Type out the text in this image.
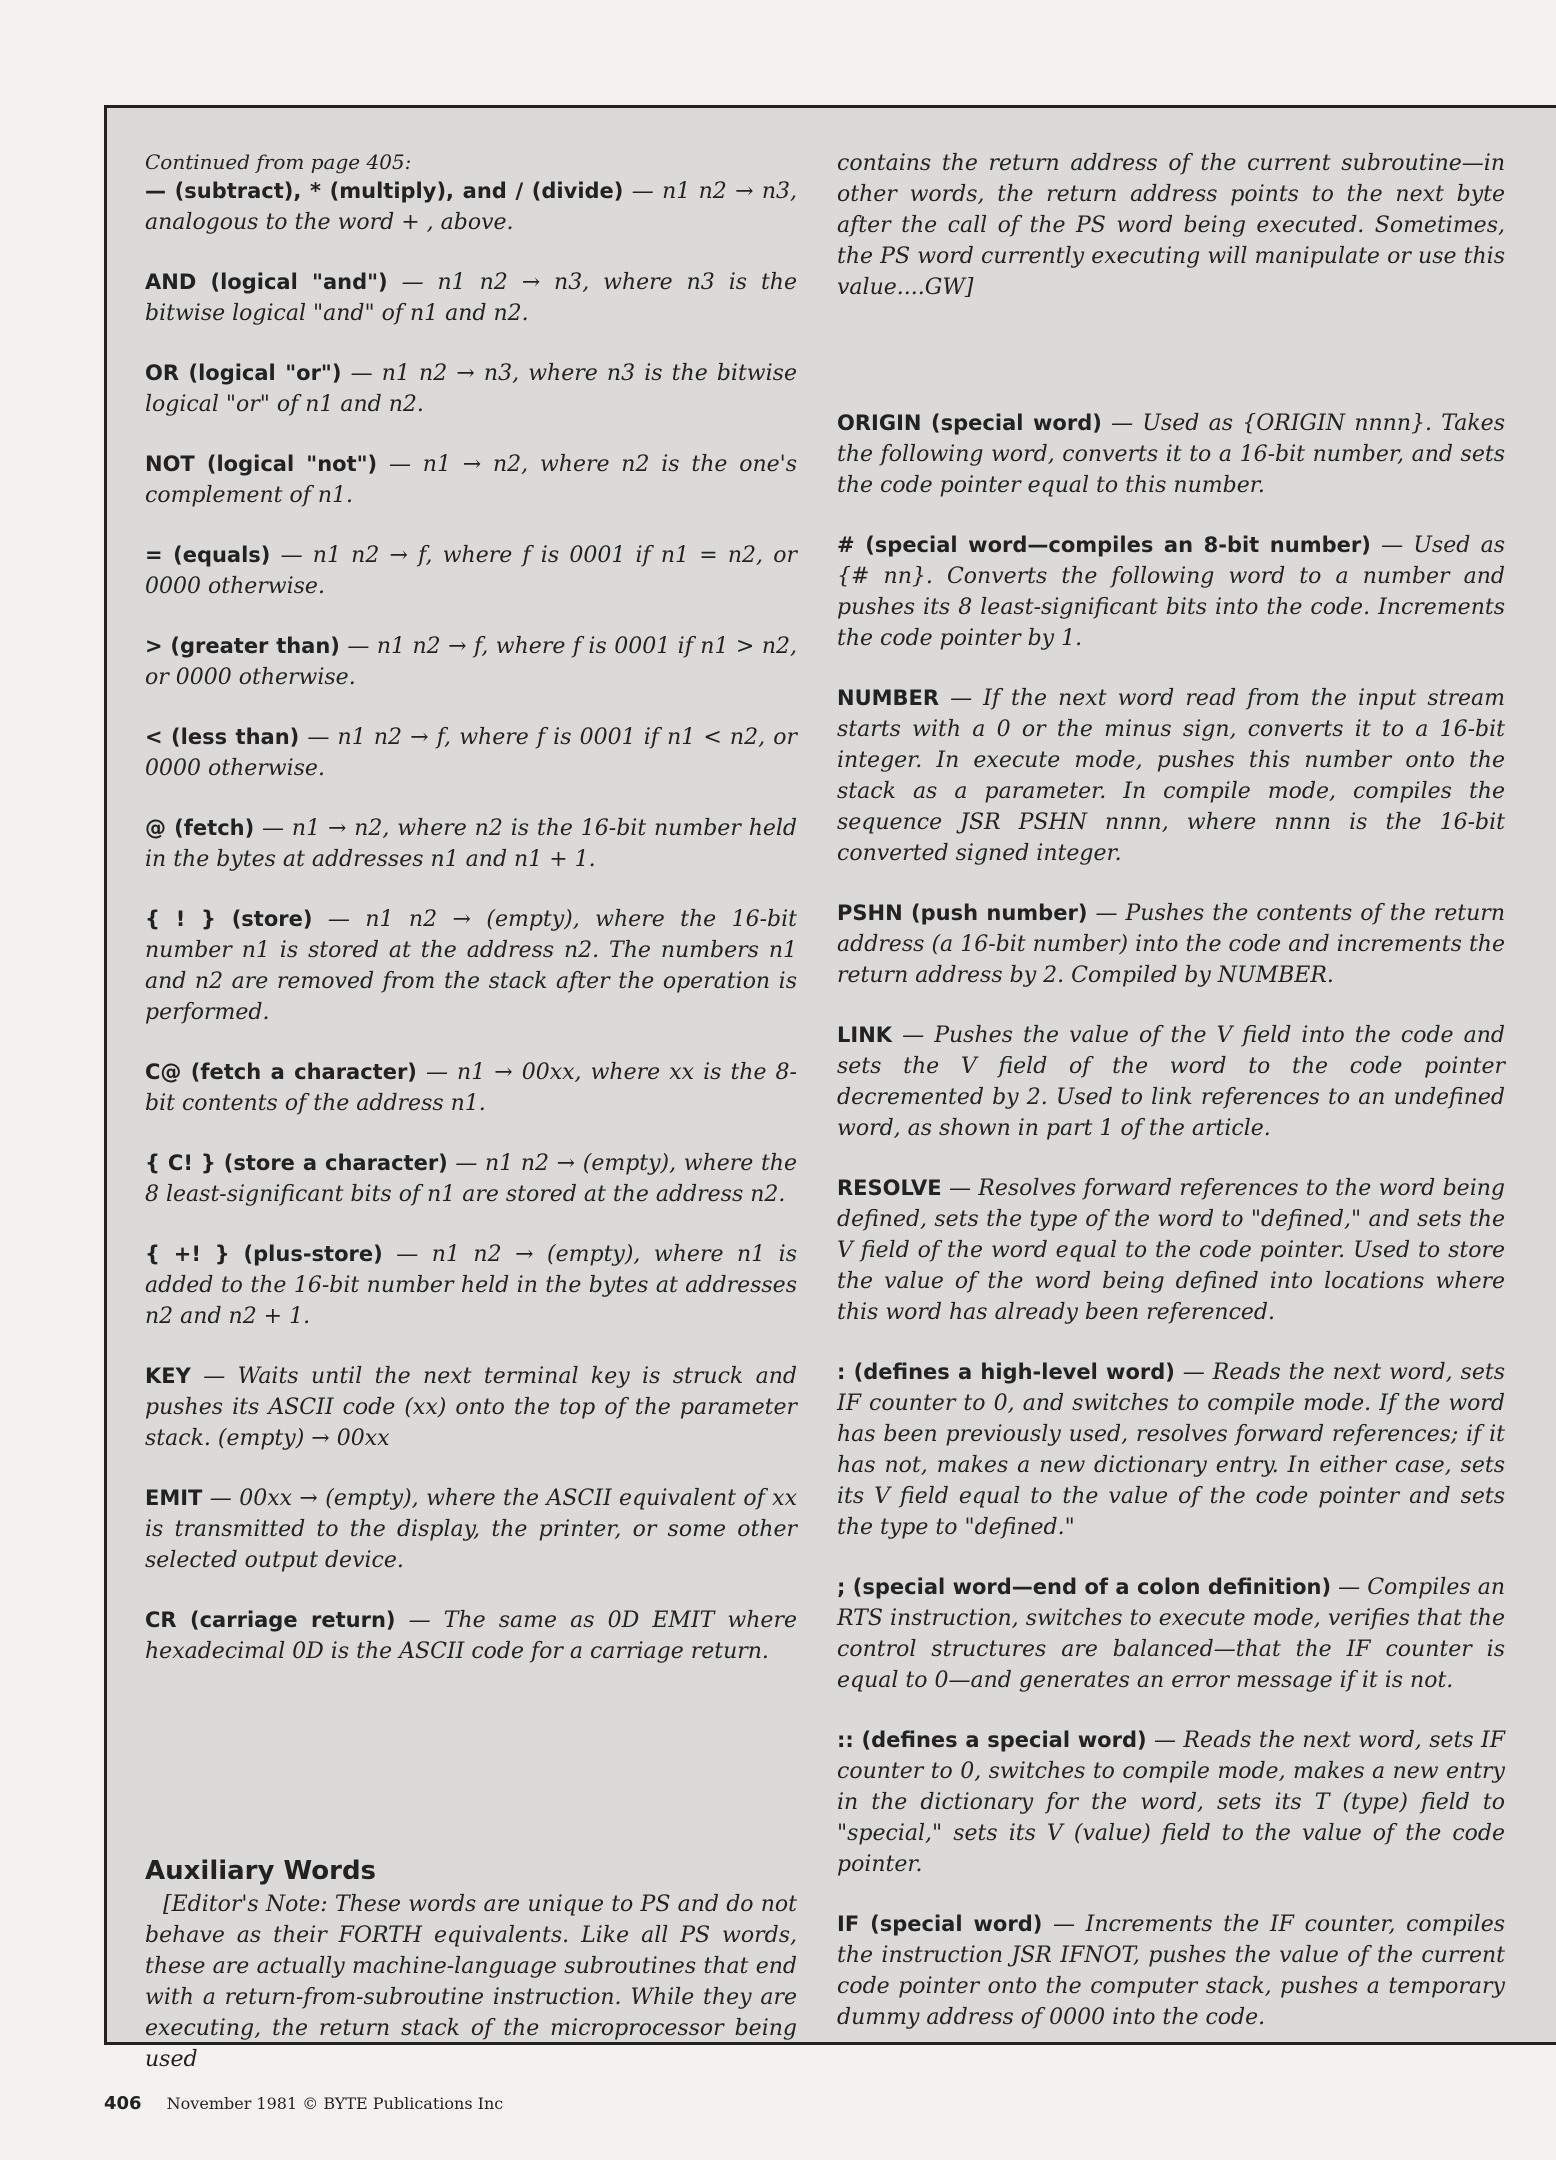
Continued from page 405:

— (subtract), * (multiply), and / (divide) — n1 n2 → n3, analogous to the word + , above.

AND (logical "and") — n1 n2 → n3, where n3 is the bitwise logical "and" of n1 and n2.

OR (logical "or") — n1 n2 → n3, where n3 is the bitwise logical "or" of n1 and n2.

NOT (logical "not") — n1 → n2, where n2 is the one's complement of n1.

= (equals) — n1 n2 → f, where f is 0001 if n1 = n2, or 0000 otherwise.

> (greater than) — n1 n2 → f, where f is 0001 if n1 > n2, or 0000 otherwise.

< (less than) — n1 n2 → f, where f is 0001 if n1 < n2, or 0000 otherwise.

@ (fetch) — n1 → n2, where n2 is the 16-bit number held in the bytes at addresses n1 and n1 + 1.

{ ! } (store) — n1 n2 → (empty), where the 16-bit number n1 is stored at the address n2. The numbers n1 and n2 are removed from the stack after the operation is performed.

C@ (fetch a character) — n1 → 00xx, where xx is the 8-bit contents of the address n1.

{ C! } (store a character) — n1 n2 → (empty), where the 8 least-significant bits of n1 are stored at the address n2.

{ +! } (plus-store) — n1 n2 → (empty), where n1 is added to the 16-bit number held in the bytes at addresses n2 and n2 + 1.

KEY — Waits until the next terminal key is struck and pushes its ASCII code (xx) onto the top of the parameter stack. (empty) → 00xx

EMIT — 00xx → (empty), where the ASCII equivalent of xx is transmitted to the display, the printer, or some other selected output device.

CR (carriage return) — The same as 0D EMIT where hexadecimal 0D is the ASCII code for a carriage return.

Auxiliary Words

[Editor's Note: These words are unique to PS and do not behave as their FORTH equivalents. Like all PS words, these are actually machine-language subroutines that end with a return-from-subroutine instruction. While they are executing, the return stack of the microprocessor being used

contains the return address of the current subroutine—in other words, the return address points to the next byte after the call of the PS word being executed. Sometimes, the PS word currently executing will manipulate or use this value....GW]

ORIGIN (special word) — Used as {ORIGIN nnnn}. Takes the following word, converts it to a 16-bit number, and sets the code pointer equal to this number.

# (special word—compiles an 8-bit number) — Used as {# nn}. Converts the following word to a number and pushes its 8 least-significant bits into the code. Increments the code pointer by 1.

NUMBER — If the next word read from the input stream starts with a 0 or the minus sign, converts it to a 16-bit integer. In execute mode, pushes this number onto the stack as a parameter. In compile mode, compiles the sequence JSR PSHN nnnn, where nnnn is the 16-bit converted signed integer.

PSHN (push number) — Pushes the contents of the return address (a 16-bit number) into the code and increments the return address by 2. Compiled by NUMBER.

LINK — Pushes the value of the V field into the code and sets the V field of the word to the code pointer decremented by 2. Used to link references to an undefined word, as shown in part 1 of the article.

RESOLVE — Resolves forward references to the word being defined, sets the type of the word to "defined," and sets the V field of the word equal to the code pointer. Used to store the value of the word being defined into locations where this word has already been referenced.

: (defines a high-level word) — Reads the next word, sets IF counter to 0, and switches to compile mode. If the word has been previously used, resolves forward references; if it has not, makes a new dictionary entry. In either case, sets its V field equal to the value of the code pointer and sets the type to "defined."

; (special word—end of a colon definition) — Compiles an RTS instruction, switches to execute mode, verifies that the control structures are balanced—that the IF counter is equal to 0—and generates an error message if it is not.

:: (defines a special word) — Reads the next word, sets IF counter to 0, switches to compile mode, makes a new entry in the dictionary for the word, sets its T (type) field to "special," sets its V (value) field to the value of the code pointer.

IF (special word) — Increments the IF counter, compiles the instruction JSR IFNOT, pushes the value of the current code pointer onto the computer stack, pushes a temporary dummy address of 0000 into the code.

406 November 1981 © BYTE Publications Inc
